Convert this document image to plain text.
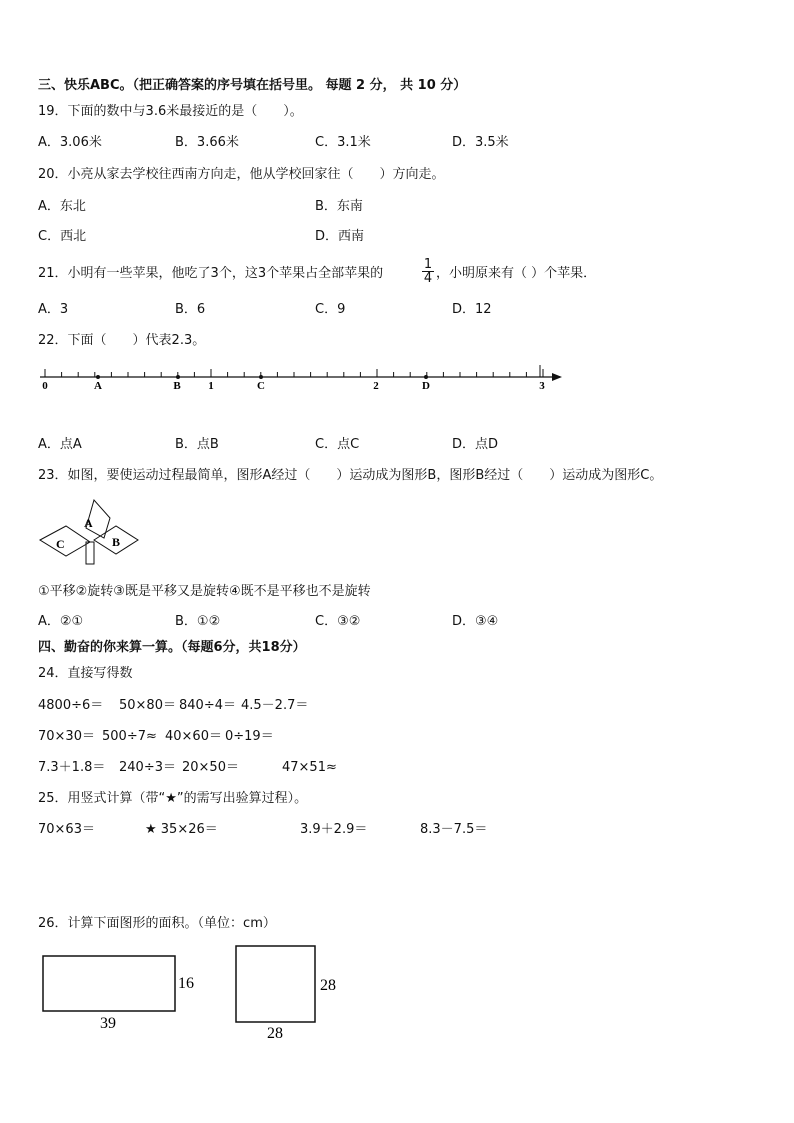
三、快乐ABC。（把正确答案的序号填在括号里。 每题 2 分， 共 10 分）
19．下面的数中与3.6米最接近的是（　　）。
A．3.06米	B．3.66米	C．3.1米	D．3.5米
20．小亮从家去学校往西南方向走，他从学校回家往（　　）方向走。
A．东北	B．东南
C．西北	D．西南
21．小明有一些苹果，他吃了3个，这3个苹果占全部苹果的	$\frac{1}{4}$ ，小明原来有（ ）个苹果．
A．3	B．6	C．9	D．12
22．下面（　　）代表2.3。
0	A	B	1	C	2	D	3
A．点A	B．点B	C．点C	D．点D
23．如图，要使运动过程最简单，图形A经过（　　）运动成为图形B，图形B经过（　　）运动成为图形C。
A
B
C
①平移②旋转③既是平移又是旋转④既不是平移也不是旋转
A．②①	B．①②	C．③②	D．③④
四、勤奋的你来算一算。（每题6分，共18分）
24．直接写得数
4800÷6＝ 50×80＝ 840÷4＝ 4.5－2.7＝
70×30＝ 500÷7≈ 40×60＝ 0÷19＝
7.3＋1.8＝ 240÷3＝ 20×50＝	47×51≈
25．用竖式计算（带“★”的需写出验算过程）。
70×63＝	★ 35×26＝	3.9＋2.9＝	8.3－7.5＝
26．计算下面图形的面积。（单位：cm）
16
39
28
28
